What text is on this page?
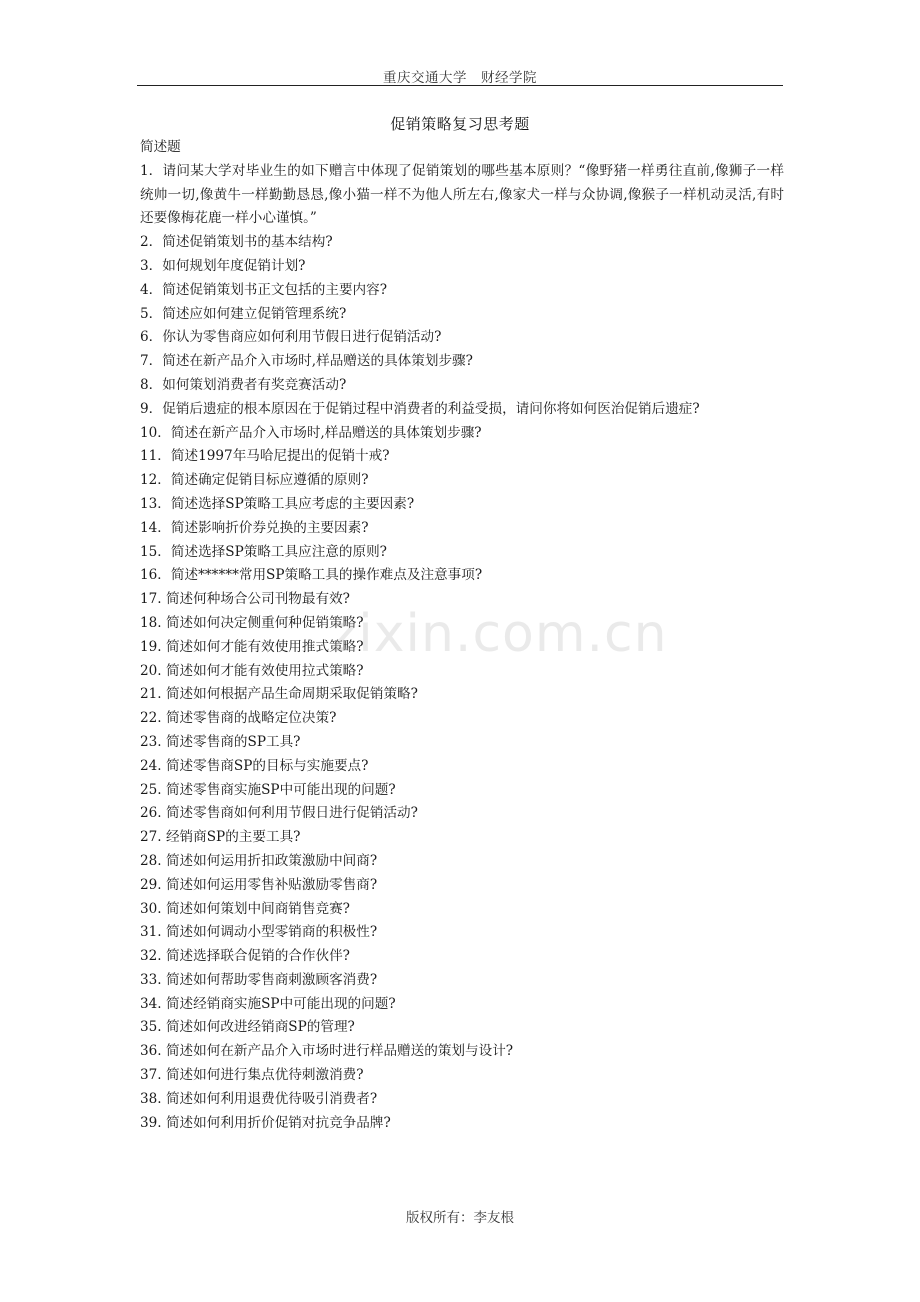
重庆交通大学　财经学院
促销策略复习思考题
简述题
1．请问某大学对毕业生的如下赠言中体现了促销策划的哪些基本原则？“像野猪一样勇往直前,像狮子一样统帅一切,像黄牛一样勤勤恳恳,像小猫一样不为他人所左右,像家犬一样与众协调,像猴子一样机动灵活,有时还要像梅花鹿一样小心谨慎。”
2．简述促销策划书的基本结构?
3．如何规划年度促销计划?
4．简述促销策划书正文包括的主要内容?
5．简述应如何建立促销管理系统?
6．你认为零售商应如何利用节假日进行促销活动?
7．简述在新产品介入市场时,样品赠送的具体策划步骤?
8．如何策划消费者有奖竞赛活动?
9．促销后遗症的根本原因在于促销过程中消费者的利益受损，请问你将如何医治促销后遗症?
10．简述在新产品介入市场时,样品赠送的具体策划步骤?
11．简述1997年马哈尼提出的促销十戒?
12．简述确定促销目标应遵循的原则?
13．简述选择SP策略工具应考虑的主要因素?
14．简述影响折价券兑换的主要因素?
15．简述选择SP策略工具应注意的原则?
16．简述******常用SP策略工具的操作难点及注意事项?
17. 简述何种场合公司刊物最有效?
18. 简述如何决定侧重何种促销策略?
19. 简述如何才能有效使用推式策略?
20. 简述如何才能有效使用拉式策略?
21. 简述如何根据产品生命周期采取促销策略?
22. 简述零售商的战略定位决策?
23. 简述零售商的SP工具?
24. 简述零售商SP的目标与实施要点?
25. 简述零售商实施SP中可能出现的问题?
26. 简述零售商如何利用节假日进行促销活动?
27. 经销商SP的主要工具?
28. 简述如何运用折扣政策激励中间商?
29. 简述如何运用零售补贴激励零售商?
30. 简述如何策划中间商销售竞赛?
31. 简述如何调动小型零销商的积极性?
32. 简述选择联合促销的合作伙伴?
33. 简述如何帮助零售商刺激顾客消费?
34. 简述经销商实施SP中可能出现的问题?
35. 简述如何改进经销商SP的管理?
36. 简述如何在新产品介入市场时进行样品赠送的策划与设计?
37. 简述如何进行集点优待刺激消费?
38. 简述如何利用退费优待吸引消费者?
39. 简述如何利用折价促销对抗竞争品牌?
zixin.com.cn
版权所有：李友根
